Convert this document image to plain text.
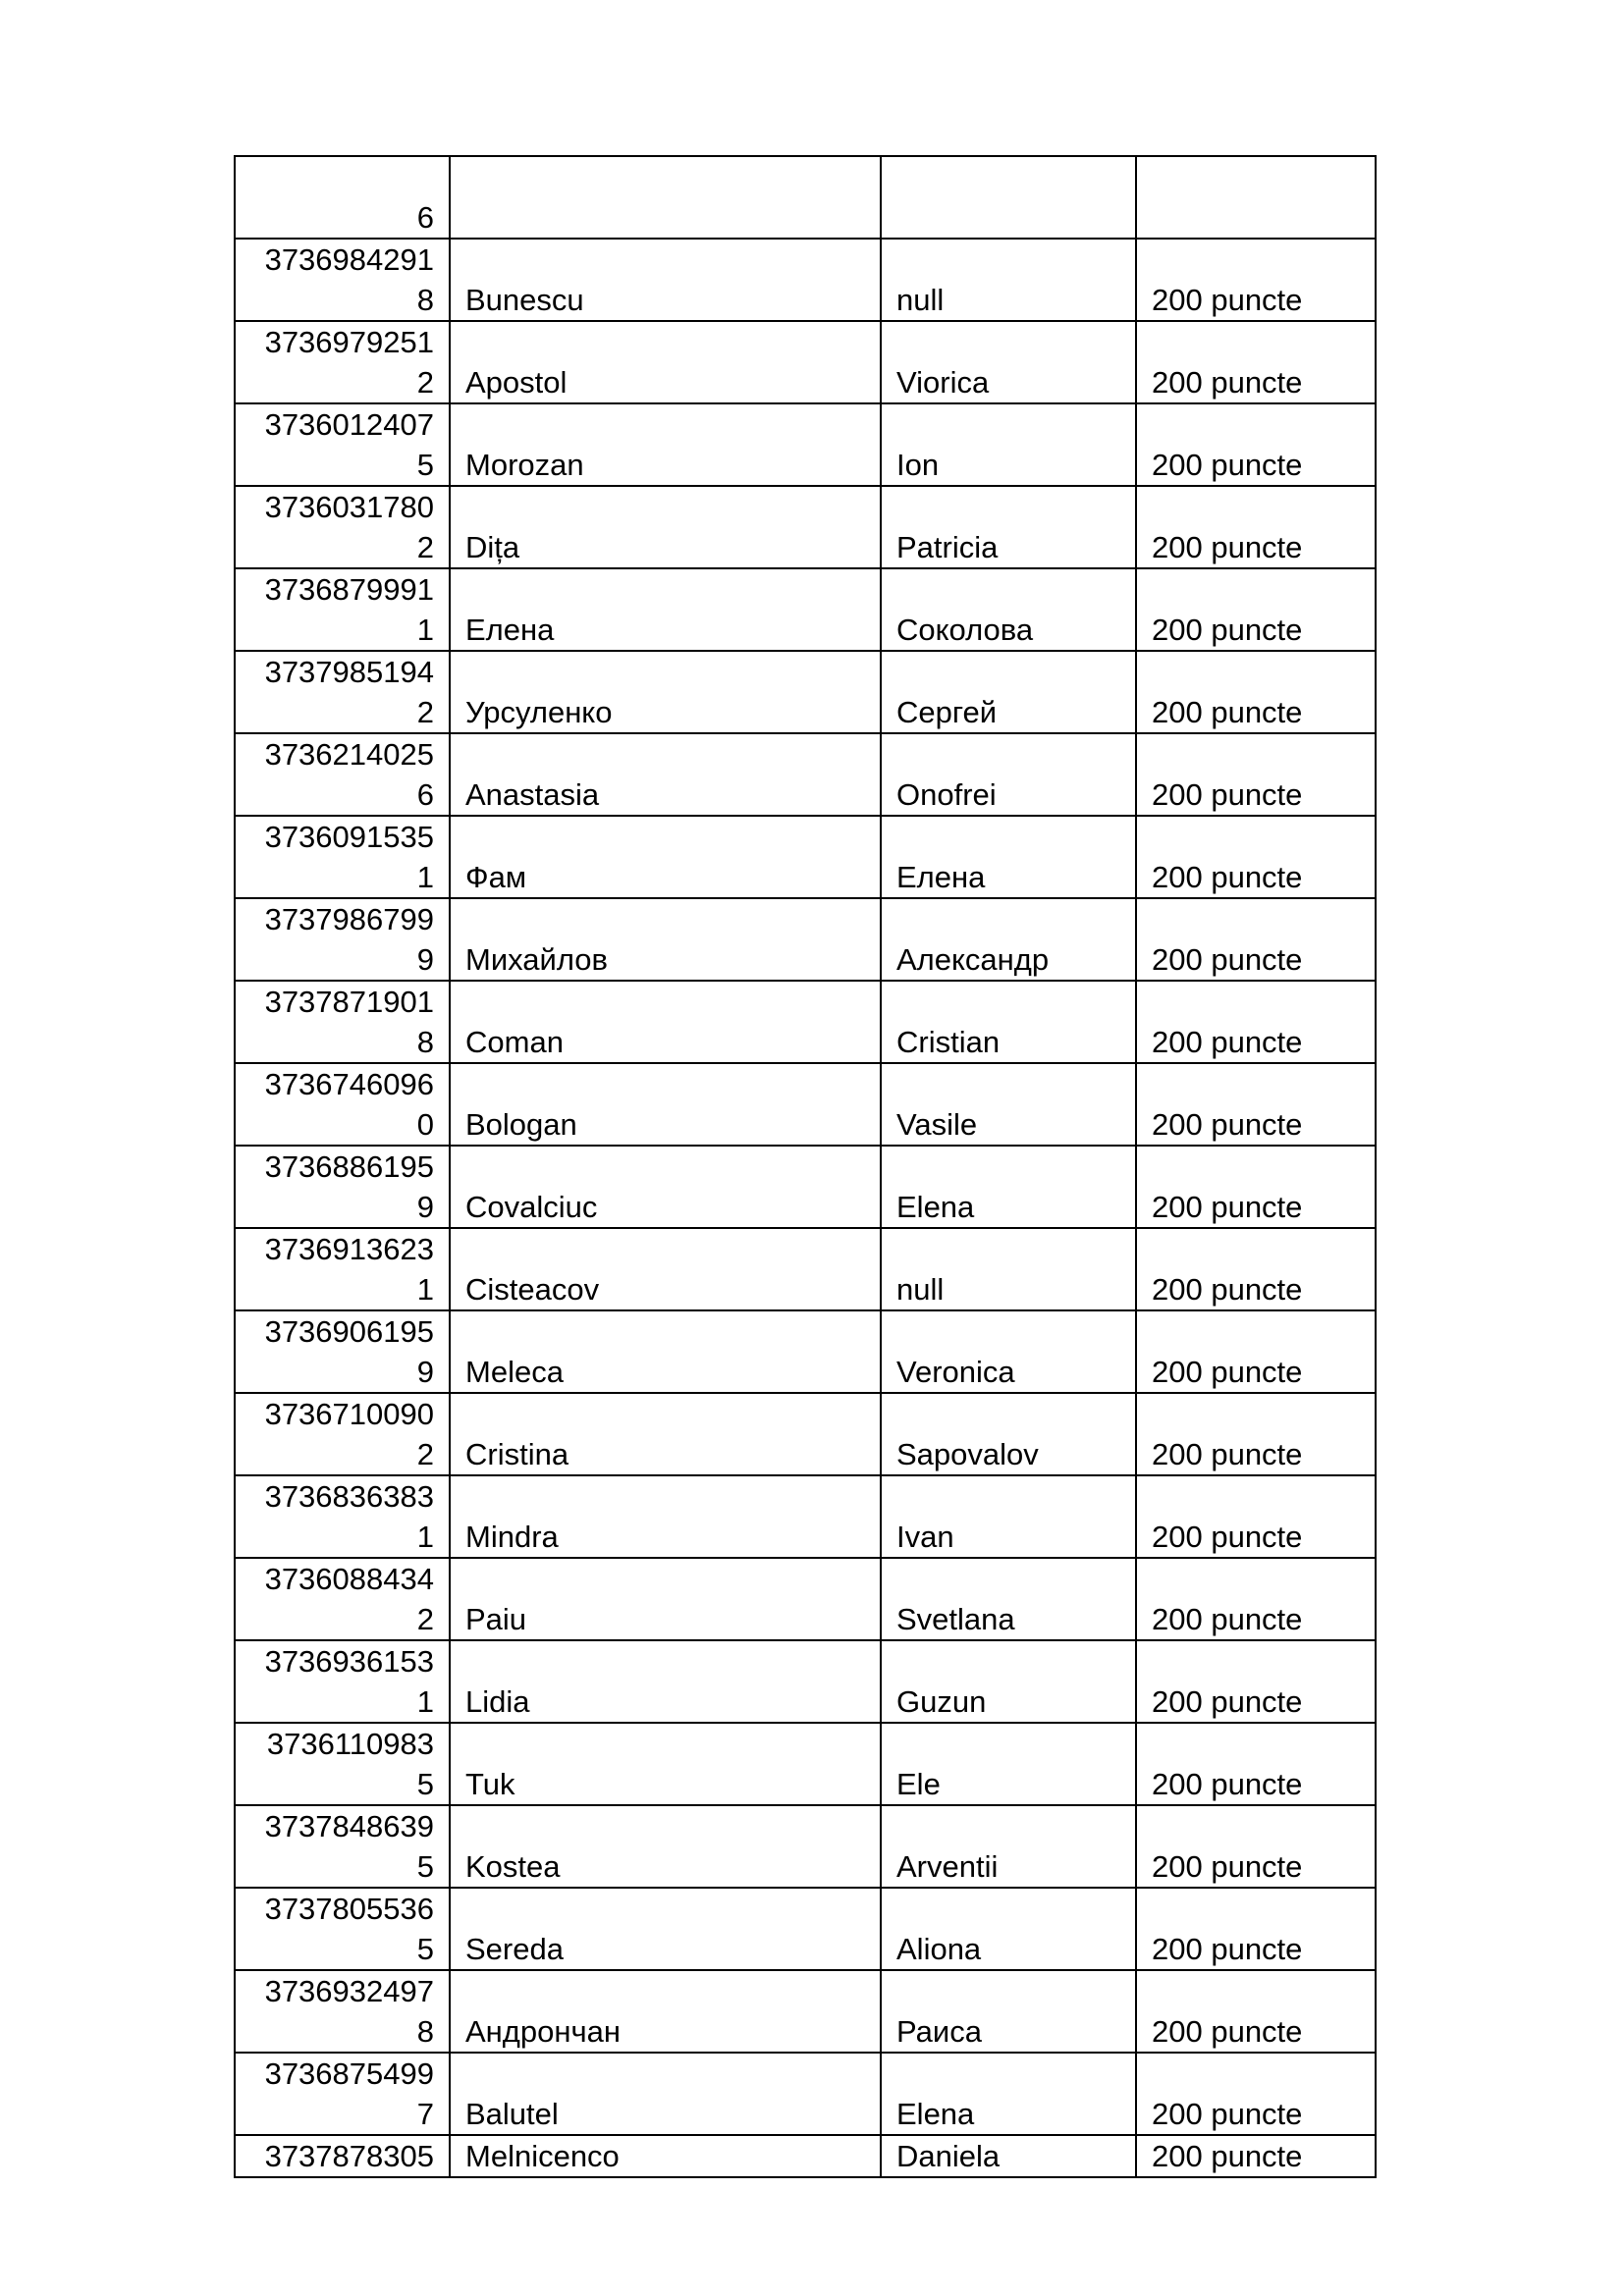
6			

3736984291
8	Bunescu	null	200 puncte

3736979251
2	Apostol	Viorica	200 puncte

3736012407
5	Morozan	Ion	200 puncte

3736031780
2	Dița	Patricia	200 puncte

3736879991
1	Елена	Соколова	200 puncte

3737985194
2	Урсуленко	Сергей	200 puncte

3736214025
6	Anastasia	Onofrei	200 puncte

3736091535
1	Фам	Елена	200 puncte

3737986799
9	Михайлов	Александр	200 puncte

3737871901
8	Coman	Cristian	200 puncte

3736746096
0	Bologan	Vasile	200 puncte

3736886195
9	Covalciuc	Elena	200 puncte

3736913623
1	Cisteacov	null	200 puncte

3736906195
9	Meleca	Veronica	200 puncte

3736710090
2	Cristina	Sapovalov	200 puncte

3736836383
1	Mindra	Ivan	200 puncte

3736088434
2	Paiu	Svetlana	200 puncte

3736936153
1	Lidia	Guzun	200 puncte

3736110983
5	Tuk	Ele	200 puncte

3737848639
5	Kostea	Arventii	200 puncte

3737805536
5	Sereda	Aliona	200 puncte

3736932497
8	Андрончан	Раиса	200 puncte

3736875499
7	Balutel	Elena	200 puncte

3737878305	Melnicenco	Daniela	200 puncte
